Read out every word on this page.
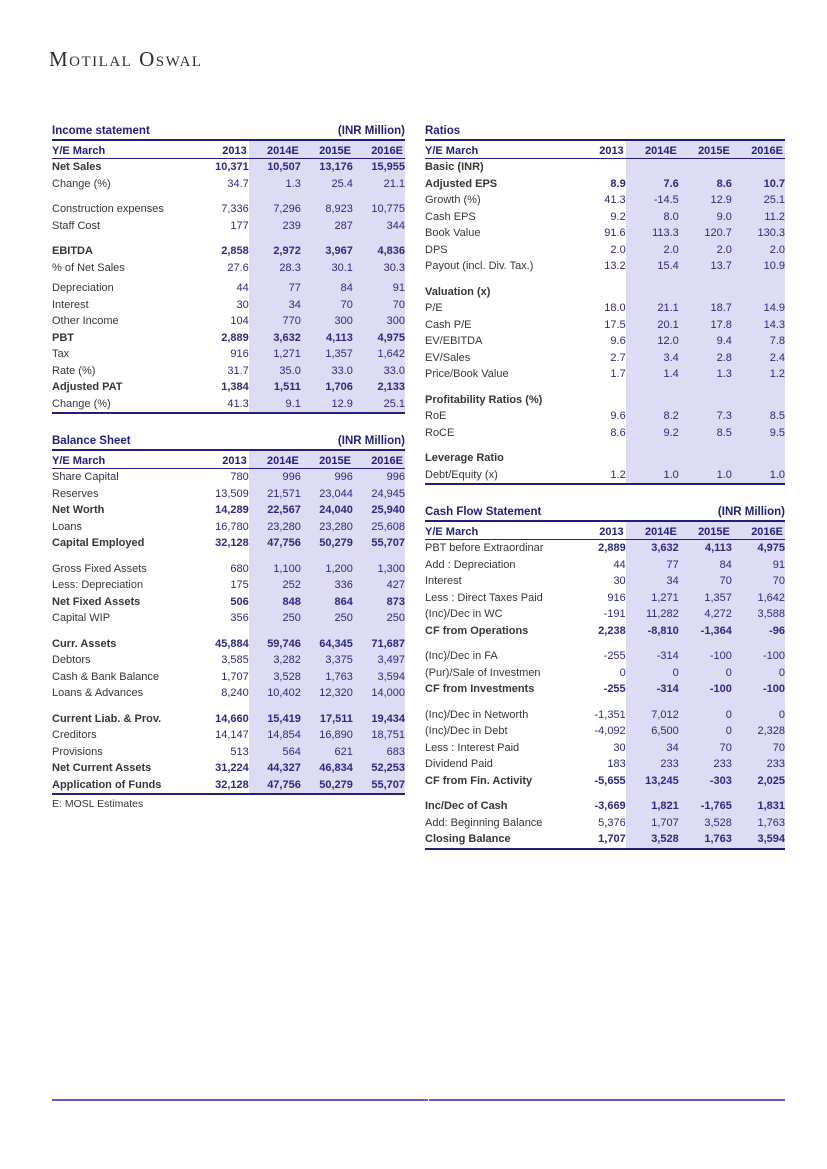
Motilal Oswal
Income statement	(INR Million)
Y/E March	2013	2014E	2015E	2016E
Net Sales	10,371	10,507	13,176	15,955
Change (%)	34.7	1.3	25.4	21.1

Construction expenses	7,336	7,296	8,923	10,775
Staff Cost	177	239	287	344

EBITDA	2,858	2,972	3,967	4,836
% of Net Sales	27.6	28.3	30.1	30.3

Depreciation	44	77	84	91
Interest	30	34	70	70
Other Income	104	770	300	300
PBT	2,889	3,632	4,113	4,975
Tax	916	1,271	1,357	1,642
Rate (%)	31.7	35.0	33.0	33.0
Adjusted PAT	1,384	1,511	1,706	2,133
Change (%)	41.3	9.1	12.9	25.1
Balance Sheet	(INR Million)
Y/E March	2013	2014E	2015E	2016E
Share Capital	780	996	996	996
Reserves	13,509	21,571	23,044	24,945
Net Worth	14,289	22,567	24,040	25,940
Loans	16,780	23,280	23,280	25,608
Capital Employed	32,128	47,756	50,279	55,707

Gross Fixed Assets	680	1,100	1,200	1,300
Less: Depreciation	175	252	336	427
Net Fixed Assets	506	848	864	873
Capital WIP	356	250	250	250

Curr. Assets	45,884	59,746	64,345	71,687
Debtors	3,585	3,282	3,375	3,497
Cash & Bank Balance	1,707	3,528	1,763	3,594
Loans & Advances	8,240	10,402	12,320	14,000

Current Liab. & Prov.	14,660	15,419	17,511	19,434
Creditors	14,147	14,854	16,890	18,751
Provisions	513	564	621	683
Net Current Assets	31,224	44,327	46,834	52,253
Application of Funds	32,128	47,756	50,279	55,707
E: MOSL Estimates
Ratios
Y/E March	2013	2014E	2015E	2016E
Basic (INR)				
Adjusted EPS	8.9	7.6	8.6	10.7
Growth (%)	41.3	-14.5	12.9	25.1
Cash EPS	9.2	8.0	9.0	11.2
Book Value	91.6	113.3	120.7	130.3
DPS	2.0	2.0	2.0	2.0
Payout (incl. Div. Tax.)	13.2	15.4	13.7	10.9

Valuation (x)				
P/E	18.0	21.1	18.7	14.9
Cash P/E	17.5	20.1	17.8	14.3
EV/EBITDA	9.6	12.0	9.4	7.8
EV/Sales	2.7	3.4	2.8	2.4
Price/Book Value	1.7	1.4	1.3	1.2

Profitability Ratios (%)				
RoE	9.6	8.2	7.3	8.5
RoCE	8.6	9.2	8.5	9.5

Leverage Ratio				
Debt/Equity (x)	1.2	1.0	1.0	1.0
Cash Flow Statement	(INR Million)
Y/E March	2013	2014E	2015E	2016E
PBT before Extraordinar	2,889	3,632	4,113	4,975
Add : Depreciation	44	77	84	91
Interest	30	34	70	70
Less : Direct Taxes Paid	916	1,271	1,357	1,642
(Inc)/Dec in WC	-191	11,282	4,272	3,588
CF from Operations	2,238	-8,810	-1,364	-96

(Inc)/Dec in FA	-255	-314	-100	-100
(Pur)/Sale of Investmen	0	0	0	0
CF from Investments	-255	-314	-100	-100

(Inc)/Dec in Networth	-1,351	7,012	0	0
(Inc)/Dec in Debt	-4,092	6,500	0	2,328
Less : Interest Paid	30	34	70	70
Dividend Paid	183	233	233	233
CF from Fin. Activity	-5,655	13,245	-303	2,025

Inc/Dec of Cash	-3,669	1,821	-1,765	1,831
Add: Beginning Balance	5,376	1,707	3,528	1,763
Closing Balance	1,707	3,528	1,763	3,594
